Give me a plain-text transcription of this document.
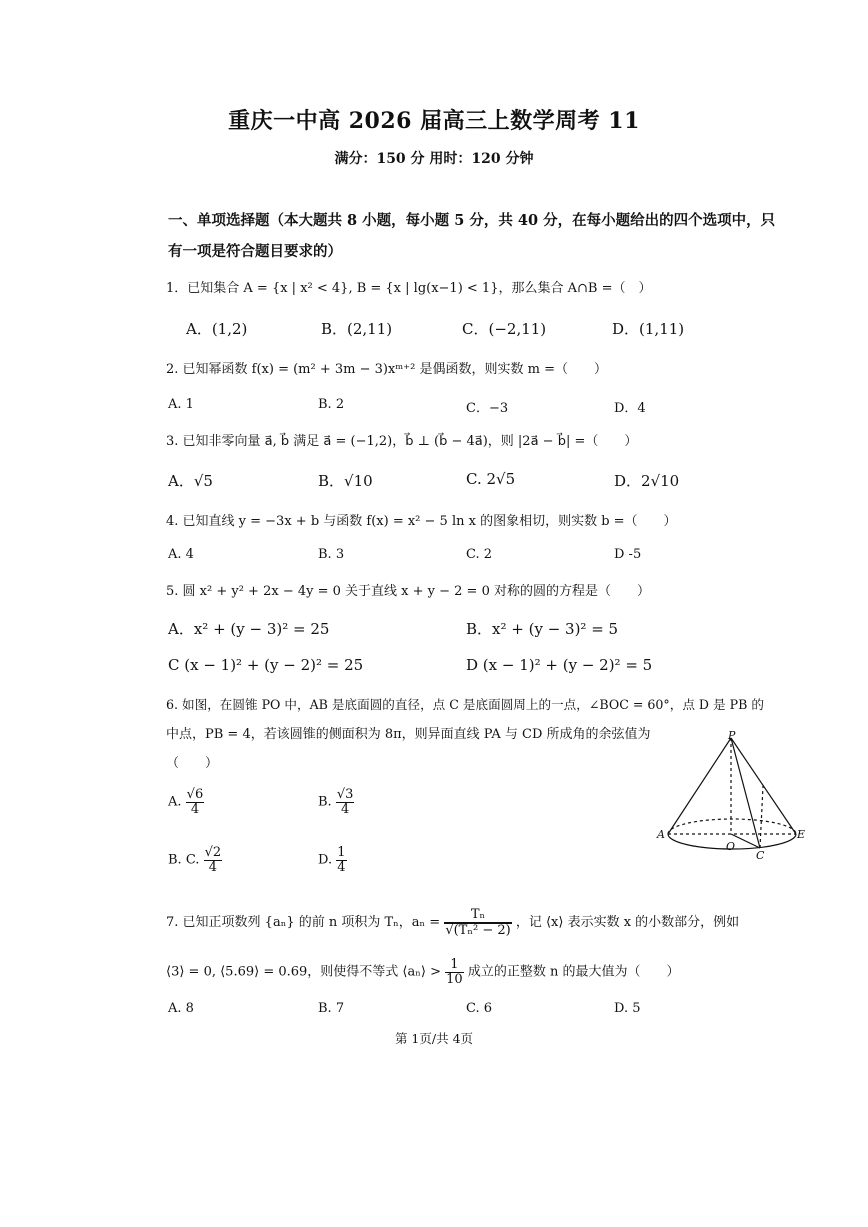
重庆一中高 2026 届高三上数学周考 11
满分：150 分 用时：120 分钟
一、单项选择题（本大题共 8 小题，每小题 5 分，共 40 分，在每小题给出的四个选项中，只
有一项是符合题目要求的）
1．已知集合 A = {x | x² < 4}, B = {x | lg(x−1) < 1}，那么集合 A∩B =（　）
A．(1,2)	B．(2,11)	C．(−2,11)	D．(1,11)
2. 已知幂函数 f(x) = (m² + 3m − 3)xᵐ⁺² 是偶函数，则实数 m =（　　）
A. 1	B. 2	C．−3	D．4
3. 已知非零向量 a⃗, b⃗ 满足 a⃗ = (−1,2)，b⃗ ⊥ (b⃗ − 4a⃗)，则 |2a⃗ − b⃗| =（　　）
A．√5	B．√10	C. 2√5	D．2√10
4. 已知直线 y = −3x + b 与函数 f(x) = x² − 5 ln x 的图象相切，则实数 b =（　　）
A. 4	B. 3	C. 2	D -5
5. 圆 x² + y² + 2x − 4y = 0 关于直线 x + y − 2 = 0 对称的圆的方程是（　　）
A．x² + (y − 3)² = 25	B．x² + (y − 3)² = 5
C (x − 1)² + (y − 2)² = 25	D (x − 1)² + (y − 2)² = 5
6. 如图，在圆锥 PO 中，AB 是底面圆的直径，点 C 是底面圆周上的一点，∠BOC = 60°，点 D 是 PB 的
中点，PB = 4，若该圆锥的侧面积为 8π，则异面直线 PA 与 CD 所成角的余弦值为
（　　）
A. $\frac{√6}{4}$	B. $\frac{√3}{4}$
B. C. $\frac{√2}{4}$	D. $\frac{1}{4}$
P
A
O
C
E
7. 已知正项数列 {aₙ} 的前 n 项积为 Tₙ，$a_n = \frac{\text{Tₙ}}{\text{√(Tₙ² − 2)}}$ ，记 ⟨x⟩ 表示实数 x 的小数部分，例如
⟨3⟩ = 0, ⟨5.69⟩ = 0.69，则使得不等式 ⟨aₙ⟩ > $\frac{1}{10}$ 成立的正整数 n 的最大值为（　　）
A. 8	B. 7	C. 6	D. 5
第 1页/共 4页
